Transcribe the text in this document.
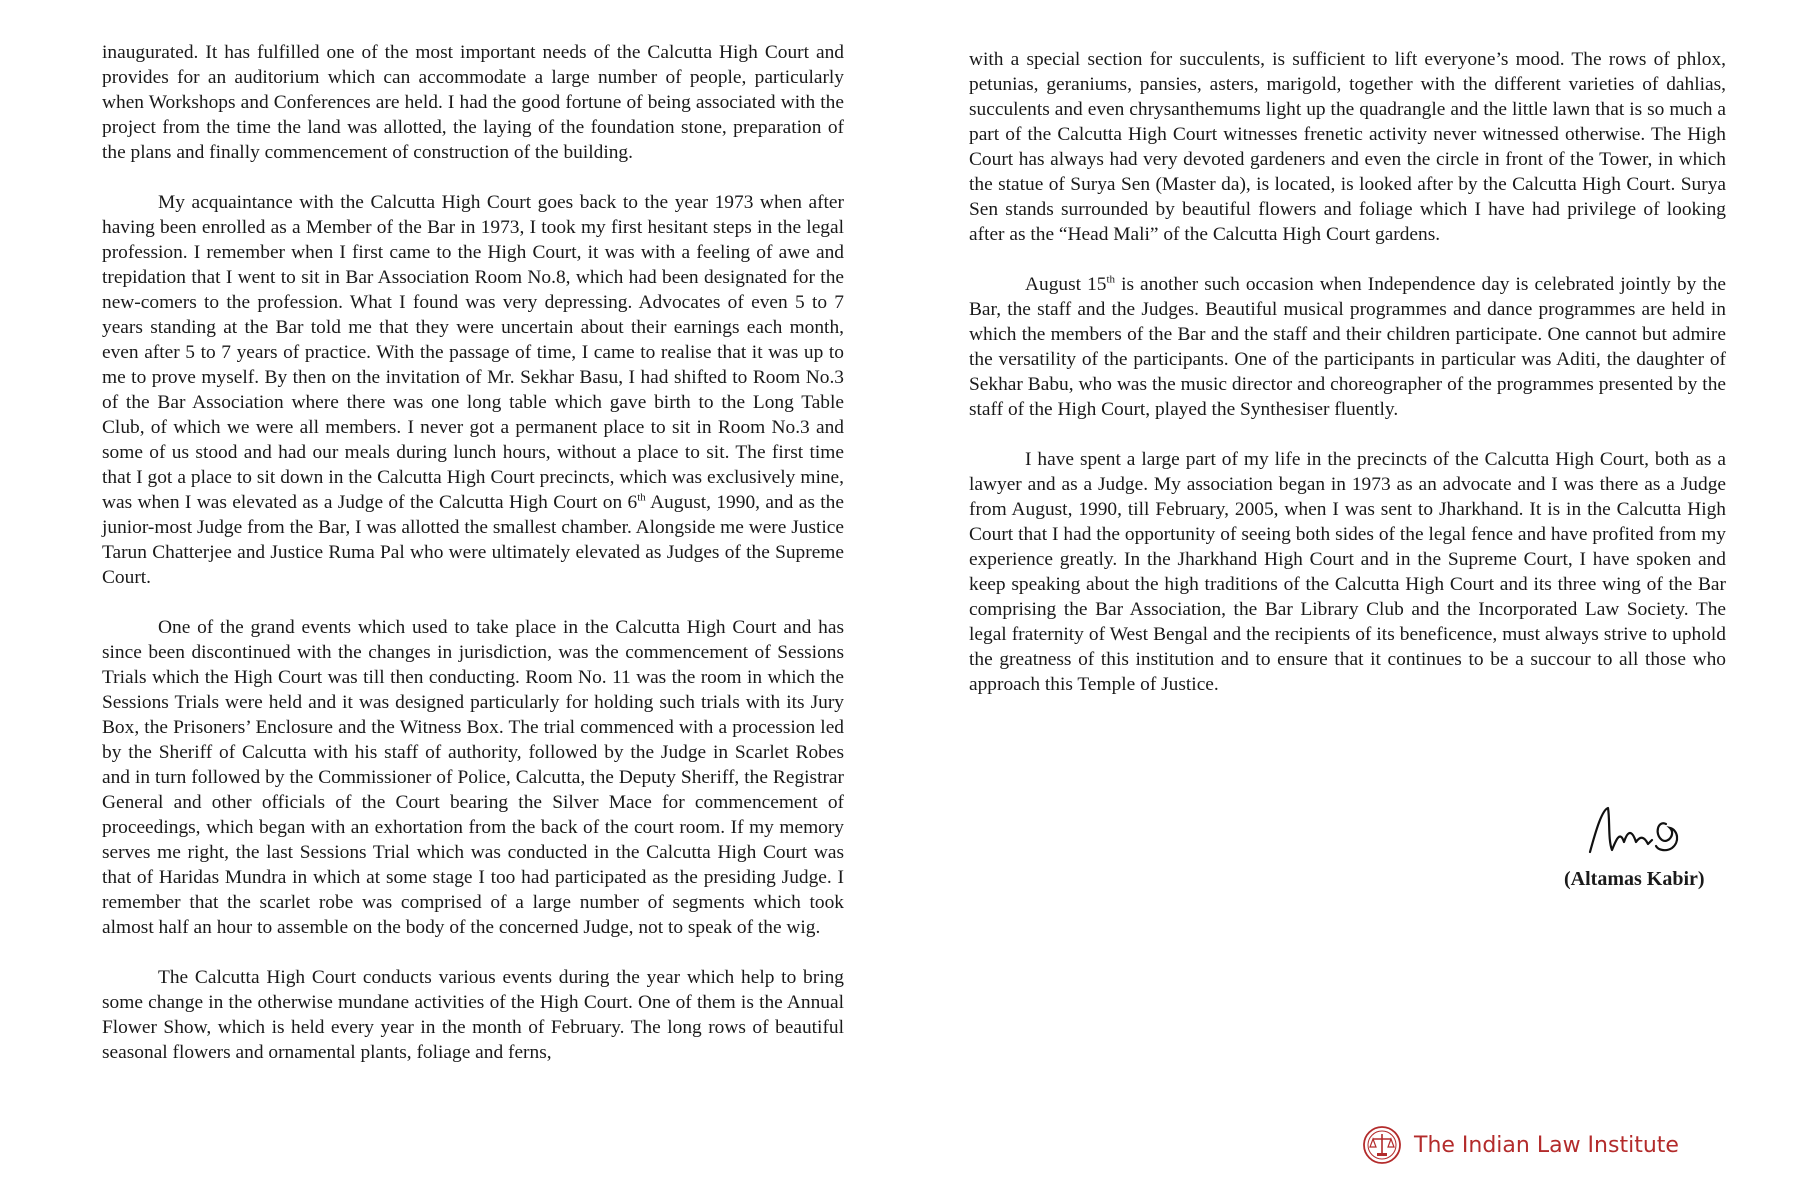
inaugurated. It has fulfilled one of the most important needs of the Calcutta High Court and provides for an auditorium which can accommodate a large number of people, particularly when Workshops and Conferences are held. I had the good fortune of being associated with the project from the time the land was allotted, the laying of the foundation stone, preparation of the plans and finally commencement of construction of the building.

My acquaintance with the Calcutta High Court goes back to the year 1973 when after having been enrolled as a Member of the Bar in 1973, I took my first hesitant steps in the legal profession. I remember when I first came to the High Court, it was with a feeling of awe and trepidation that I went to sit in Bar Association Room No.8, which had been designated for the new-comers to the profession. What I found was very depressing. Advocates of even 5 to 7 years standing at the Bar told me that they were uncertain about their earnings each month, even after 5 to 7 years of practice. With the passage of time, I came to realise that it was up to me to prove myself. By then on the invitation of Mr. Sekhar Basu, I had shifted to Room No.3 of the Bar Association where there was one long table which gave birth to the Long Table Club, of which we were all members. I never got a permanent place to sit in Room No.3 and some of us stood and had our meals during lunch hours, without a place to sit. The first time that I got a place to sit down in the Calcutta High Court precincts, which was exclusively mine, was when I was elevated as a Judge of the Calcutta High Court on 6th August, 1990, and as the junior-most Judge from the Bar, I was allotted the smallest chamber. Alongside me were Justice Tarun Chatterjee and Justice Ruma Pal who were ultimately elevated as Judges of the Supreme Court.

One of the grand events which used to take place in the Calcutta High Court and has since been discontinued with the changes in jurisdiction, was the commencement of Sessions Trials which the High Court was till then conducting. Room No. 11 was the room in which the Sessions Trials were held and it was designed particularly for holding such trials with its Jury Box, the Prisoners’ Enclosure and the Witness Box. The trial commenced with a procession led by the Sheriff of Calcutta with his staff of authority, followed by the Judge in Scarlet Robes and in turn followed by the Commissioner of Police, Calcutta, the Deputy Sheriff, the Registrar General and other officials of the Court bearing the Silver Mace for commencement of proceedings, which began with an exhortation from the back of the court room. If my memory serves me right, the last Sessions Trial which was conducted in the Calcutta High Court was that of Haridas Mundra in which at some stage I too had participated as the presiding Judge. I remember that the scarlet robe was comprised of a large number of segments which took almost half an hour to assemble on the body of the concerned Judge, not to speak of the wig.

The Calcutta High Court conducts various events during the year which help to bring some change in the otherwise mundane activities of the High Court. One of them is the Annual Flower Show, which is held every year in the month of February. The long rows of beautiful seasonal flowers and ornamental plants, foliage and ferns,

with a special section for succulents, is sufficient to lift everyone’s mood. The rows of phlox, petunias, geraniums, pansies, asters, marigold, together with the different varieties of dahlias, succulents and even chrysanthemums light up the quadrangle and the little lawn that is so much a part of the Calcutta High Court witnesses frenetic activity never witnessed otherwise. The High Court has always had very devoted gardeners and even the circle in front of the Tower, in which the statue of Surya Sen (Master da), is located, is looked after by the Calcutta High Court. Surya Sen stands surrounded by beautiful flowers and foliage which I have had privilege of looking after as the “Head Mali” of the Calcutta High Court gardens.

August 15th is another such occasion when Independence day is celebrated jointly by the Bar, the staff and the Judges. Beautiful musical programmes and dance programmes are held in which the members of the Bar and the staff and their children participate. One cannot but admire the versatility of the participants. One of the participants in particular was Aditi, the daughter of Sekhar Babu, who was the music director and choreographer of the programmes presented by the staff of the High Court, played the Synthesiser fluently.

I have spent a large part of my life in the precincts of the Calcutta High Court, both as a lawyer and as a Judge. My association began in 1973 as an advocate and I was there as a Judge from August, 1990, till February, 2005, when I was sent to Jharkhand. It is in the Calcutta High Court that I had the opportunity of seeing both sides of the legal fence and have profited from my experience greatly. In the Jharkhand High Court and in the Supreme Court, I have spoken and keep speaking about the high traditions of the Calcutta High Court and its three wing of the Bar comprising the Bar Association, the Bar Library Club and the Incorporated Law Society. The legal fraternity of West Bengal and the recipients of its beneficence, must always strive to uphold the greatness of this institution and to ensure that it continues to be a succour to all those who approach this Temple of Justice.

(Altamas Kabir)
The Indian Law Institute
